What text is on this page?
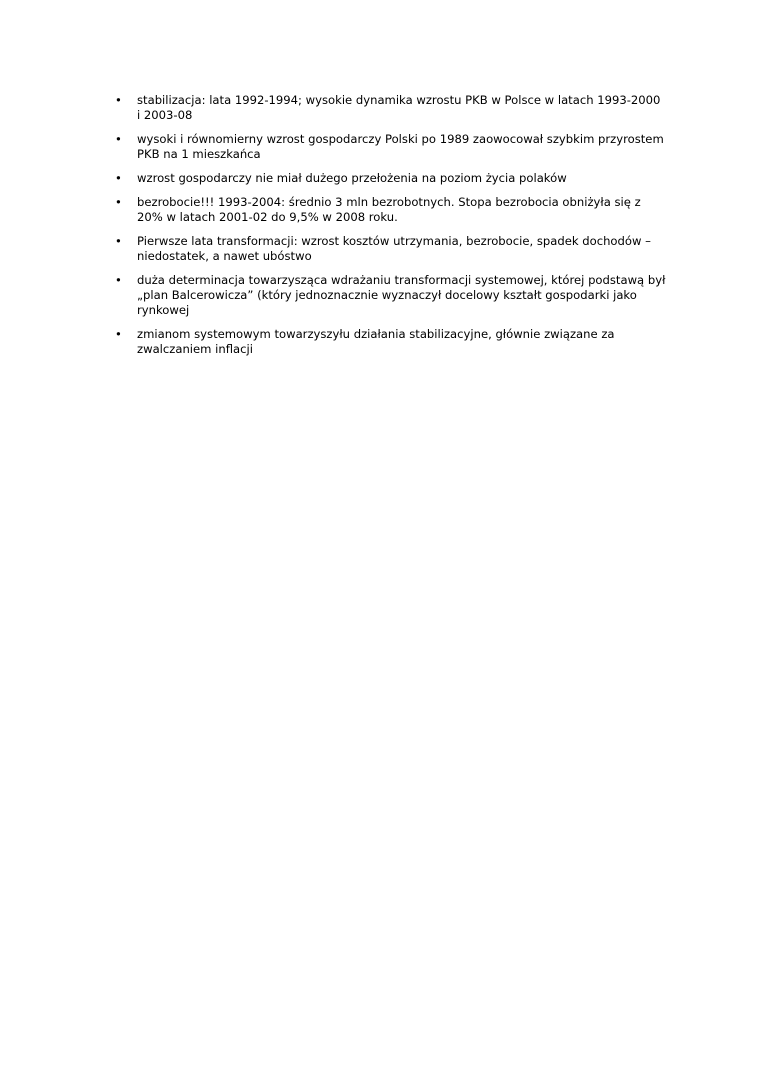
• stabilizacja: lata 1992-1994; wysokie dynamika wzrostu PKB w Polsce w latach 1993-2000 i 2003-08
• wysoki i równomierny wzrost gospodarczy Polski po 1989 zaowocował szybkim przyrostem PKB na 1 mieszkańca
• wzrost gospodarczy nie miał dużego przełożenia na poziom życia polaków
• bezrobocie!!! 1993-2004: średnio 3 mln bezrobotnych. Stopa bezrobocia obniżyła się z 20% w latach 2001-02 do 9,5% w 2008 roku.
• Pierwsze lata transformacji: wzrost kosztów utrzymania, bezrobocie, spadek dochodów – niedostatek, a nawet ubóstwo
• duża determinacja towarzysząca wdrażaniu transformacji systemowej, której podstawą był „plan Balcerowicza” (który jednoznacznie wyznaczył docelowy kształt gospodarki jako rynkowej
• zmianom systemowym towarzyszyłu działania stabilizacyjne, głównie związane za zwalczaniem inflacji
